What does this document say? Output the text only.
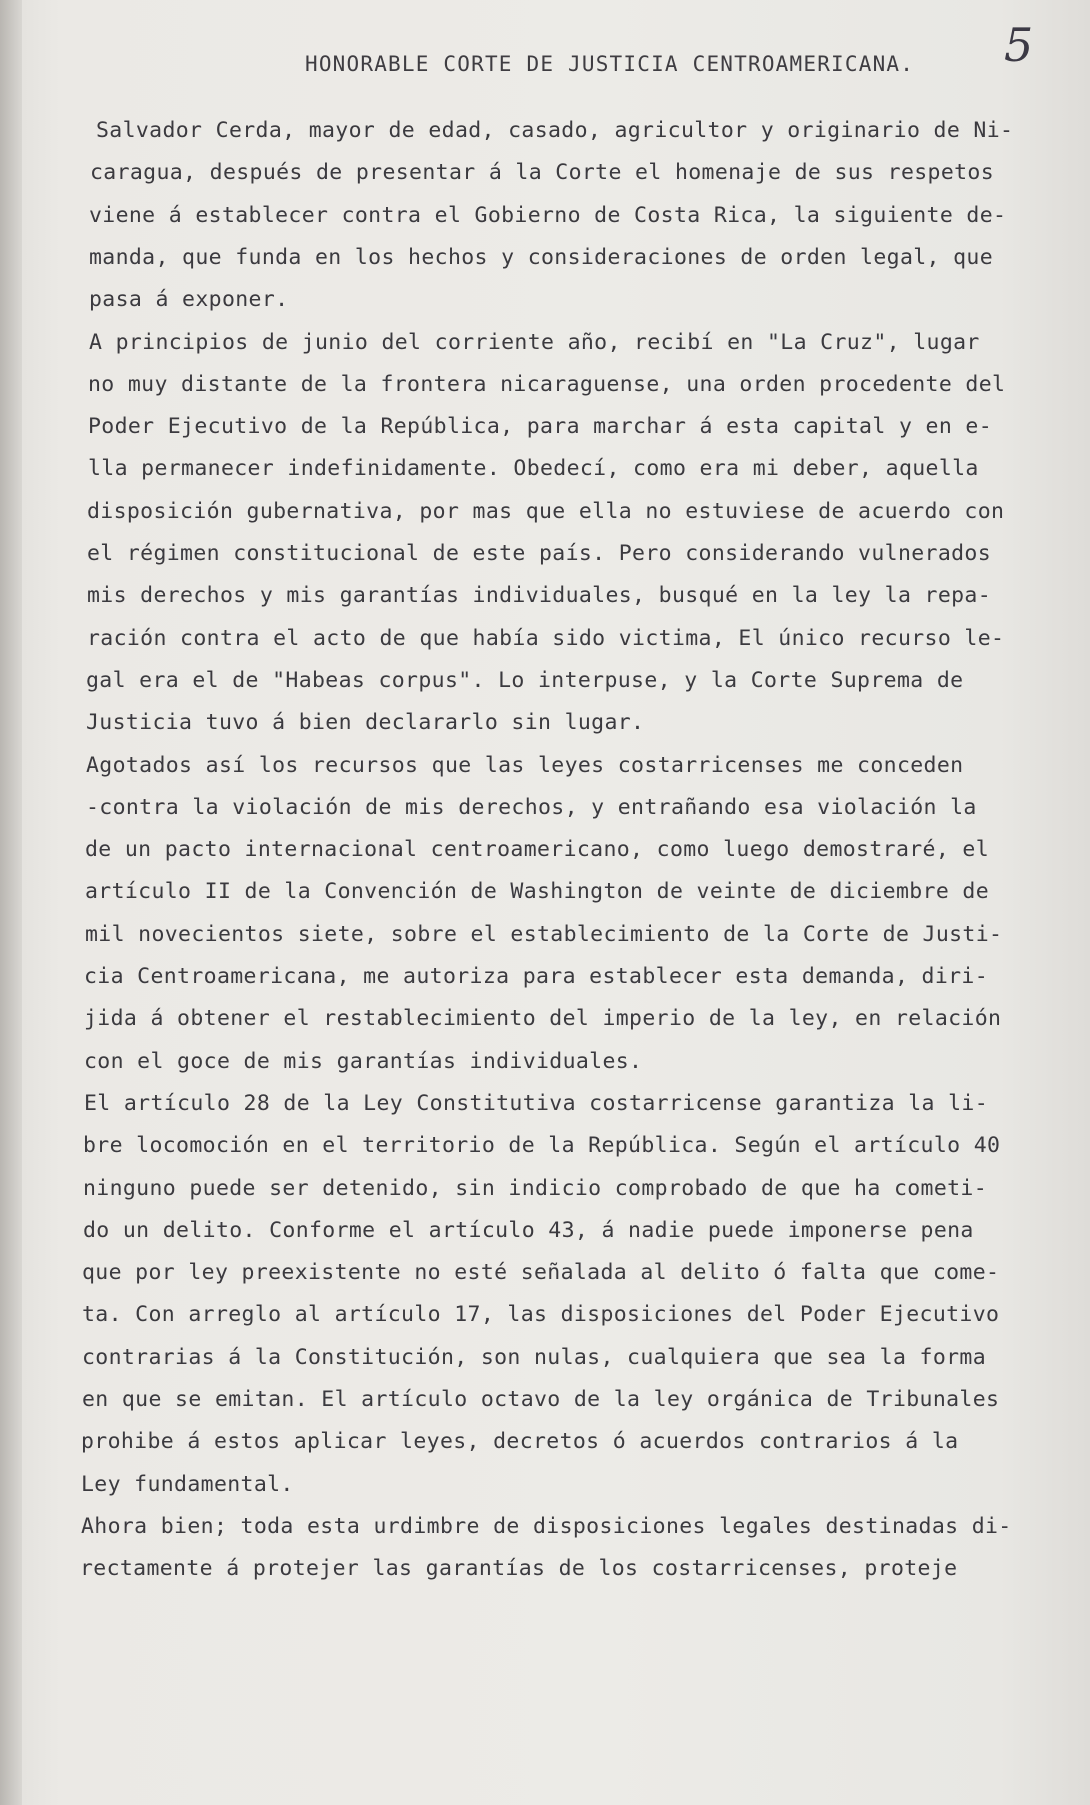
5
HONORABLE CORTE DE JUSTICIA CENTROAMERICANA.
Salvador Cerda, mayor de edad, casado, agricultor y originario de Ni-
caragua, después de presentar á la Corte el homenaje de sus respetos
viene á establecer contra el Gobierno de Costa Rica, la siguiente de-
manda, que funda en los hechos y consideraciones de orden legal, que
pasa á exponer.
A principios de junio del corriente año, recibí en "La Cruz", lugar
no muy distante de la frontera nicaraguense, una orden procedente del
Poder Ejecutivo de la República, para marchar á esta capital y en e-
lla permanecer indefinidamente. Obedecí, como era mi deber, aquella
disposición gubernativa, por mas que ella no estuviese de acuerdo con
el régimen constitucional de este país. Pero considerando vulnerados
mis derechos y mis garantías individuales, busqué en la ley la repa-
ración contra el acto de que había sido victima, El único recurso le-
gal era el de "Habeas corpus". Lo interpuse, y la Corte Suprema de
Justicia tuvo á bien declararlo sin lugar.
Agotados así los recursos que las leyes costarricenses me conceden
-contra la violación de mis derechos, y entrañando esa violación la
de un pacto internacional centroamericano, como luego demostraré, el
artículo II de la Convención de Washington de veinte de diciembre de
mil novecientos siete, sobre el establecimiento de la Corte de Justi-
cia Centroamericana, me autoriza para establecer esta demanda, diri-
jida á obtener el restablecimiento del imperio de la ley, en relación
con el goce de mis garantías individuales.
El artículo 28 de la Ley Constitutiva costarricense garantiza la li-
bre locomoción en el territorio de la República. Según el artículo 40
ninguno puede ser detenido, sin indicio comprobado de que ha cometi-
do un delito. Conforme el artículo 43, á nadie puede imponerse pena
que por ley preexistente no esté señalada al delito ó falta que come-
ta. Con arreglo al artículo 17, las disposiciones del Poder Ejecutivo
contrarias á la Constitución, son nulas, cualquiera que sea la forma
en que se emitan. El artículo octavo de la ley orgánica de Tribunales
prohibe á estos aplicar leyes, decretos ó acuerdos contrarios á la
Ley fundamental.
Ahora bien; toda esta urdimbre de disposiciones legales destinadas di-
rectamente á protejer las garantías de los costarricenses, proteje
